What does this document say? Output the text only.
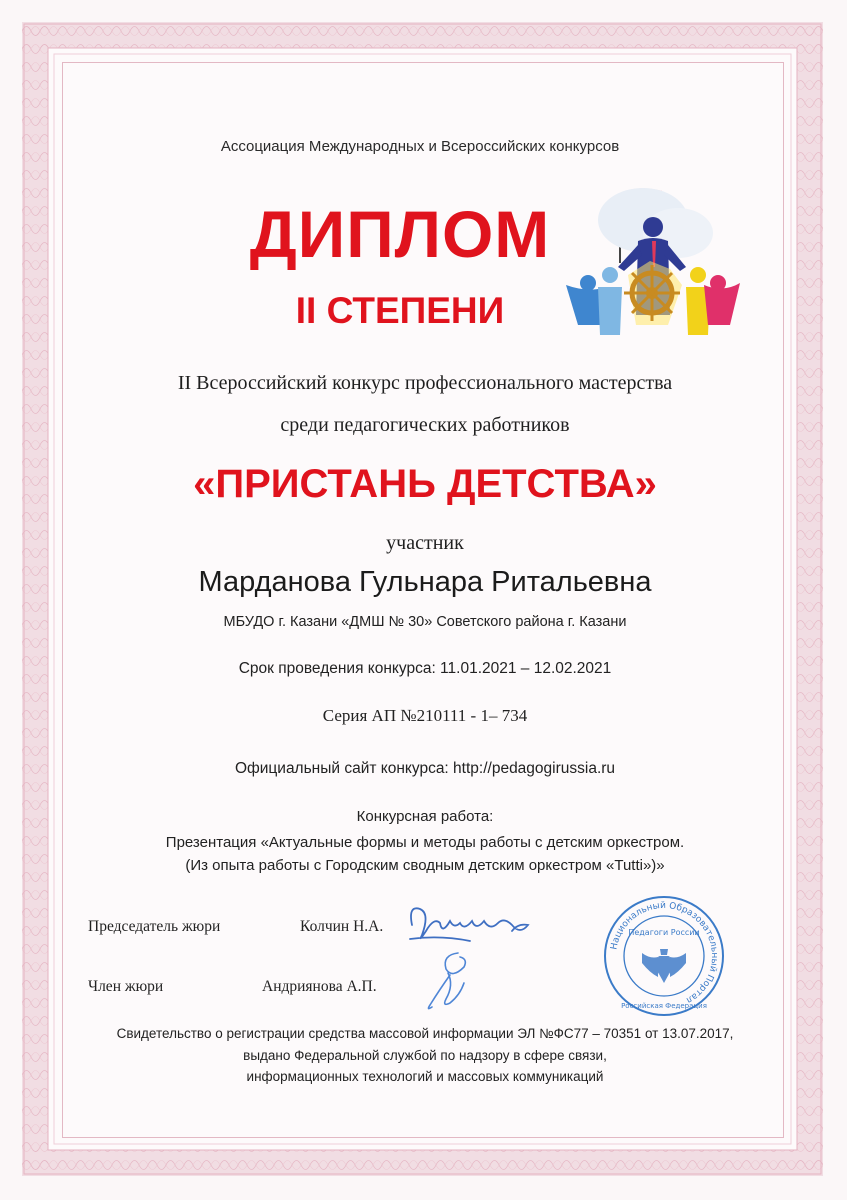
Ассоциация Международных и Всероссийских конкурсов
ДИПЛОМ
II СТЕПЕНИ
II Всероссийский конкурс профессионального мастерства
среди педагогических работников
«ПРИСТАНЬ ДЕТСТВА»
участник
Марданова Гульнара Ритальевна
МБУДО г. Казани «ДМШ № 30» Советского района г. Казани
Срок проведения конкурса: 11.01.2021 – 12.02.2021
Серия АП №210111 - 1– 734
Официальный сайт конкурса: http://pedagogirussia.ru
Конкурсная работа:
Презентация «Актуальные формы и методы работы с детским оркестром.
(Из опыта работы с Городским сводным детским оркестром «Tutti»)»
Председатель жюри	Колчин Н.А.
Член жюри	Андриянова А.П.
Национальный Образовательный Портал
Педагоги России
Российская Федерация
Свидетельство о регистрации средства массовой информации ЭЛ №ФС77 – 70351 от 13.07.2017,
выдано Федеральной службой по надзору в сфере связи,
информационных технологий и массовых коммуникаций
